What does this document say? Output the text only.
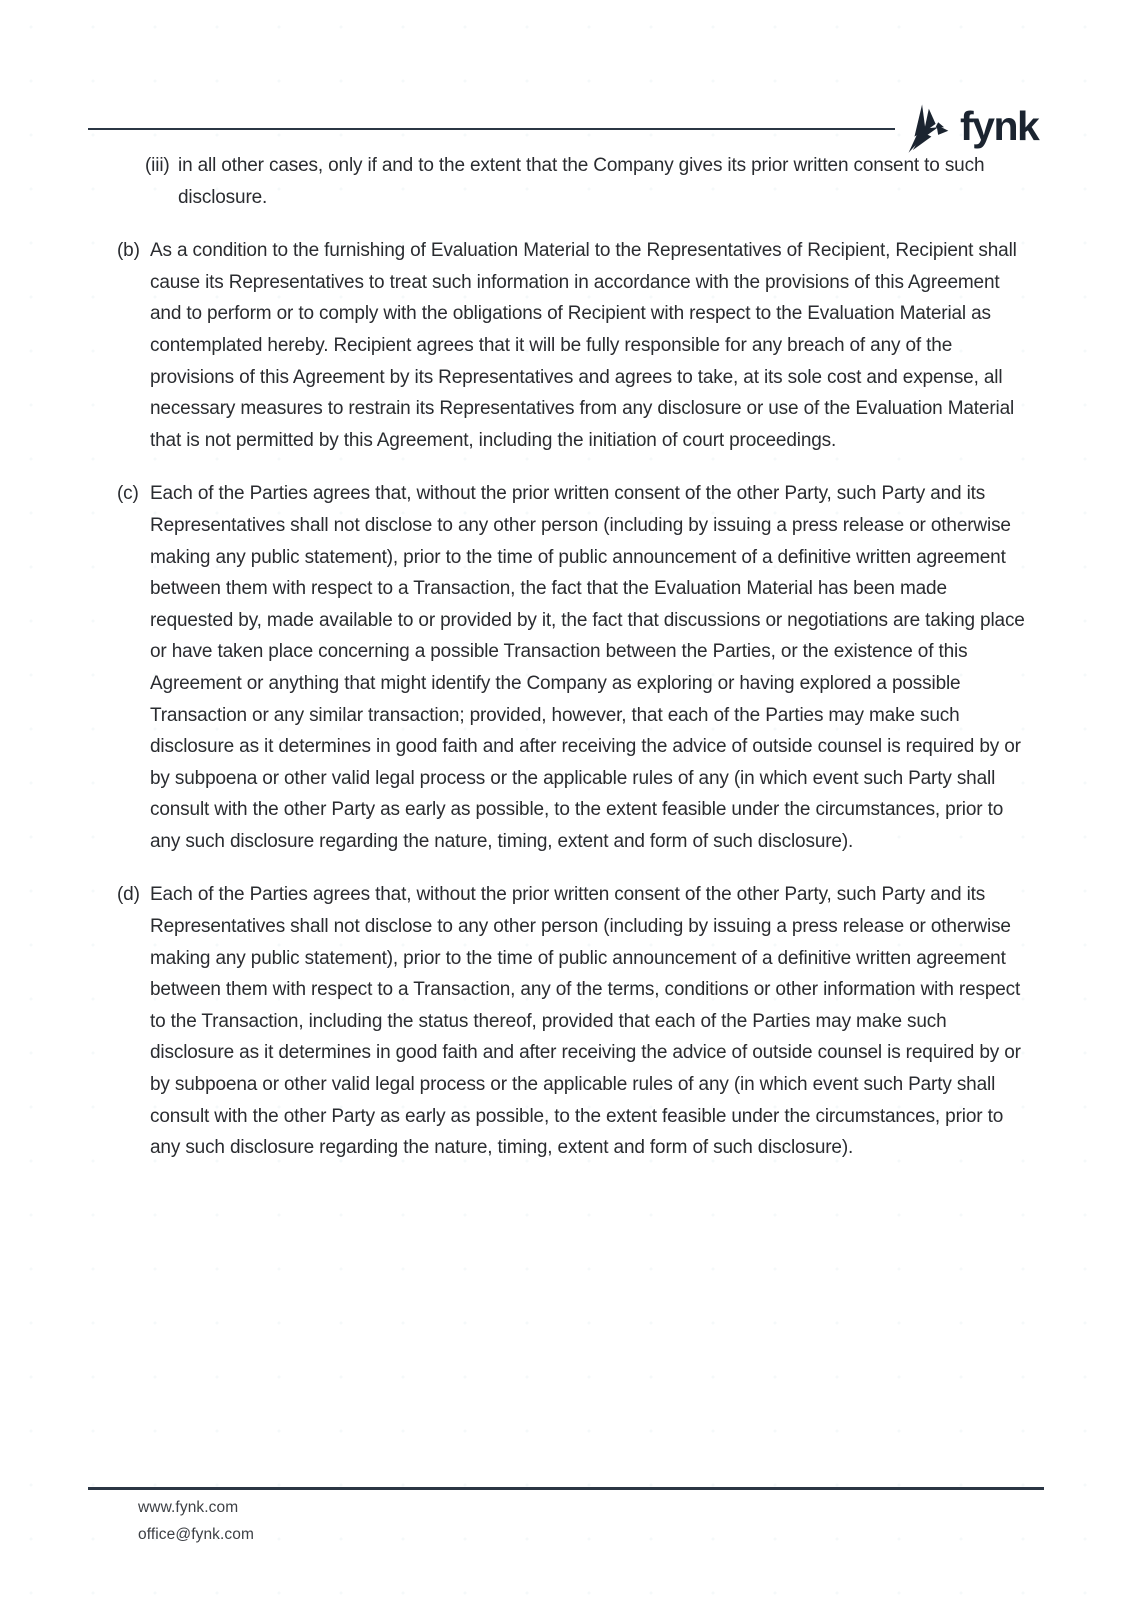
fynk
(iii) in all other cases, only if and to the extent that the Company gives its prior written consent to such disclosure.
(b) As a condition to the furnishing of Evaluation Material to the Representatives of Recipient, Recipient shall cause its Representatives to treat such information in accordance with the provisions of this Agreement and to perform or to comply with the obligations of Recipient with respect to the Evaluation Material as contemplated hereby. Recipient agrees that it will be fully responsible for any breach of any of the provisions of this Agreement by its Representatives and agrees to take, at its sole cost and expense, all necessary measures to restrain its Representatives from any disclosure or use of the Evaluation Material that is not permitted by this Agreement, including the initiation of court proceedings.
(c) Each of the Parties agrees that, without the prior written consent of the other Party, such Party and its Representatives shall not disclose to any other person (including by issuing a press release or otherwise making any public statement), prior to the time of public announcement of a definitive written agreement between them with respect to a Transaction, the fact that the Evaluation Material has been made requested by, made available to or provided by it, the fact that discussions or negotiations are taking place or have taken place concerning a possible Transaction between the Parties, or the existence of this Agreement or anything that might identify the Company as exploring or having explored a possible Transaction or any similar transaction; provided, however, that each of the Parties may make such disclosure as it determines in good faith and after receiving the advice of outside counsel is required by or by subpoena or other valid legal process or the applicable rules of any (in which event such Party shall consult with the other Party as early as possible, to the extent feasible under the circumstances, prior to any such disclosure regarding the nature, timing, extent and form of such disclosure).
(d) Each of the Parties agrees that, without the prior written consent of the other Party, such Party and its Representatives shall not disclose to any other person (including by issuing a press release or otherwise making any public statement), prior to the time of public announcement of a definitive written agreement between them with respect to a Transaction, any of the terms, conditions or other information with respect to the Transaction, including the status thereof, provided that each of the Parties may make such disclosure as it determines in good faith and after receiving the advice of outside counsel is required by or by subpoena or other valid legal process or the applicable rules of any (in which event such Party shall consult with the other Party as early as possible, to the extent feasible under the circumstances, prior to any such disclosure regarding the nature, timing, extent and form of such disclosure).
www.fynk.com
office@fynk.com
